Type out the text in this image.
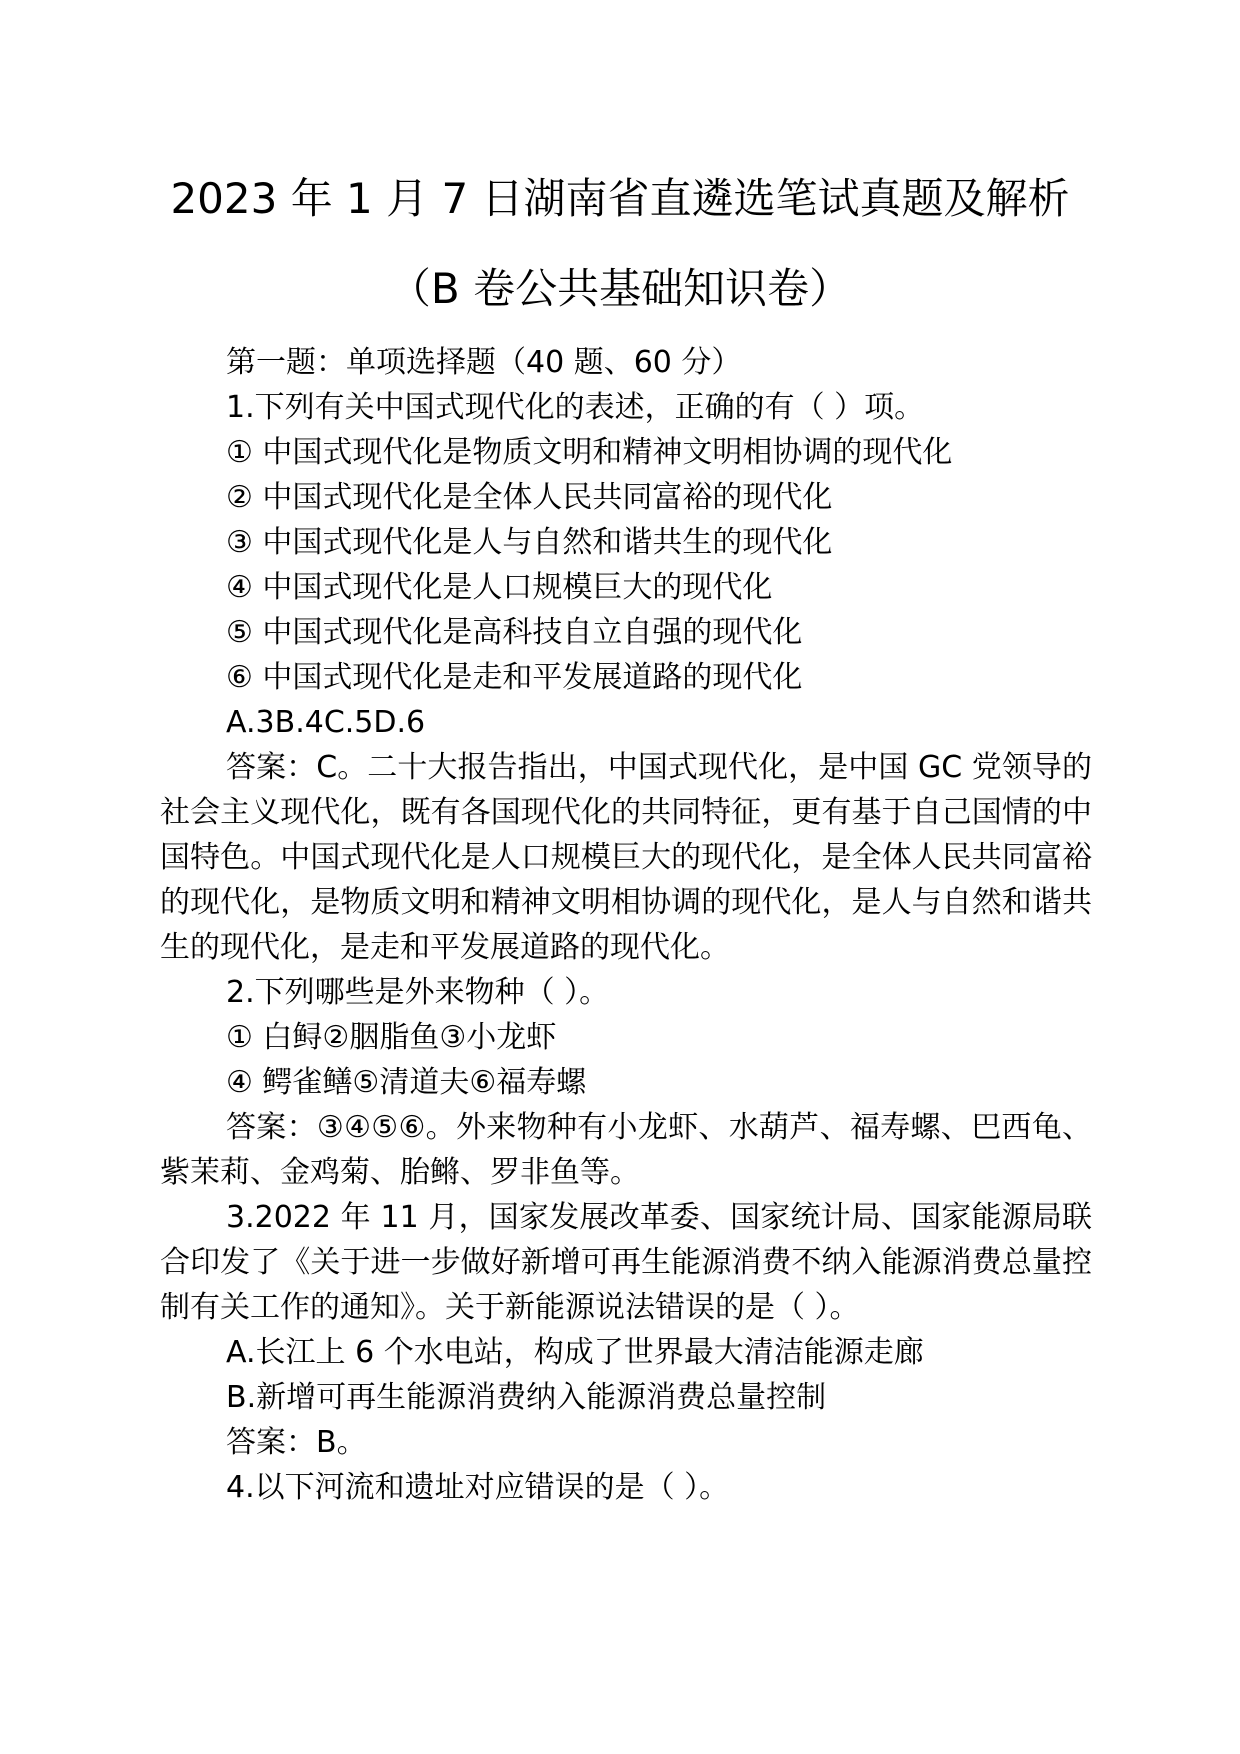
2023 年 1 月 7 日湖南省直遴选笔试真题及解析
（B 卷公共基础知识卷）

第一题：单项选择题（40 题、60 分）

1.下列有关中国式现代化的表述，正确的有（ ）项。

① 中国式现代化是物质文明和精神文明相协调的现代化

② 中国式现代化是全体人民共同富裕的现代化

③ 中国式现代化是人与自然和谐共生的现代化

④ 中国式现代化是人口规模巨大的现代化

⑤ 中国式现代化是高科技自立自强的现代化

⑥ 中国式现代化是走和平发展道路的现代化

A.3B.4C.5D.6

答案：C。二十大报告指出，中国式现代化，是中国 GC 党领导的社会主义现代化，既有各国现代化的共同特征，更有基于自己国情的中国特色。中国式现代化是人口规模巨大的现代化，是全体人民共同富裕的现代化，是物质文明和精神文明相协调的现代化，是人与自然和谐共生的现代化，是走和平发展道路的现代化。

2.下列哪些是外来物种（ ）。

① 白鲟②胭脂鱼③小龙虾

④ 鳄雀鳝⑤清道夫⑥福寿螺

答案：③④⑤⑥。外来物种有小龙虾、水葫芦、福寿螺、巴西龟、紫茉莉、金鸡菊、胎鳉、罗非鱼等。

3.2022 年 11 月，国家发展改革委、国家统计局、国家能源局联合印发了《关于进一步做好新增可再生能源消费不纳入能源消费总量控制有关工作的通知》。关于新能源说法错误的是（ ）。

A.长江上 6 个水电站，构成了世界最大清洁能源走廊

B.新增可再生能源消费纳入能源消费总量控制

答案：B。

4.以下河流和遗址对应错误的是（ ）。
